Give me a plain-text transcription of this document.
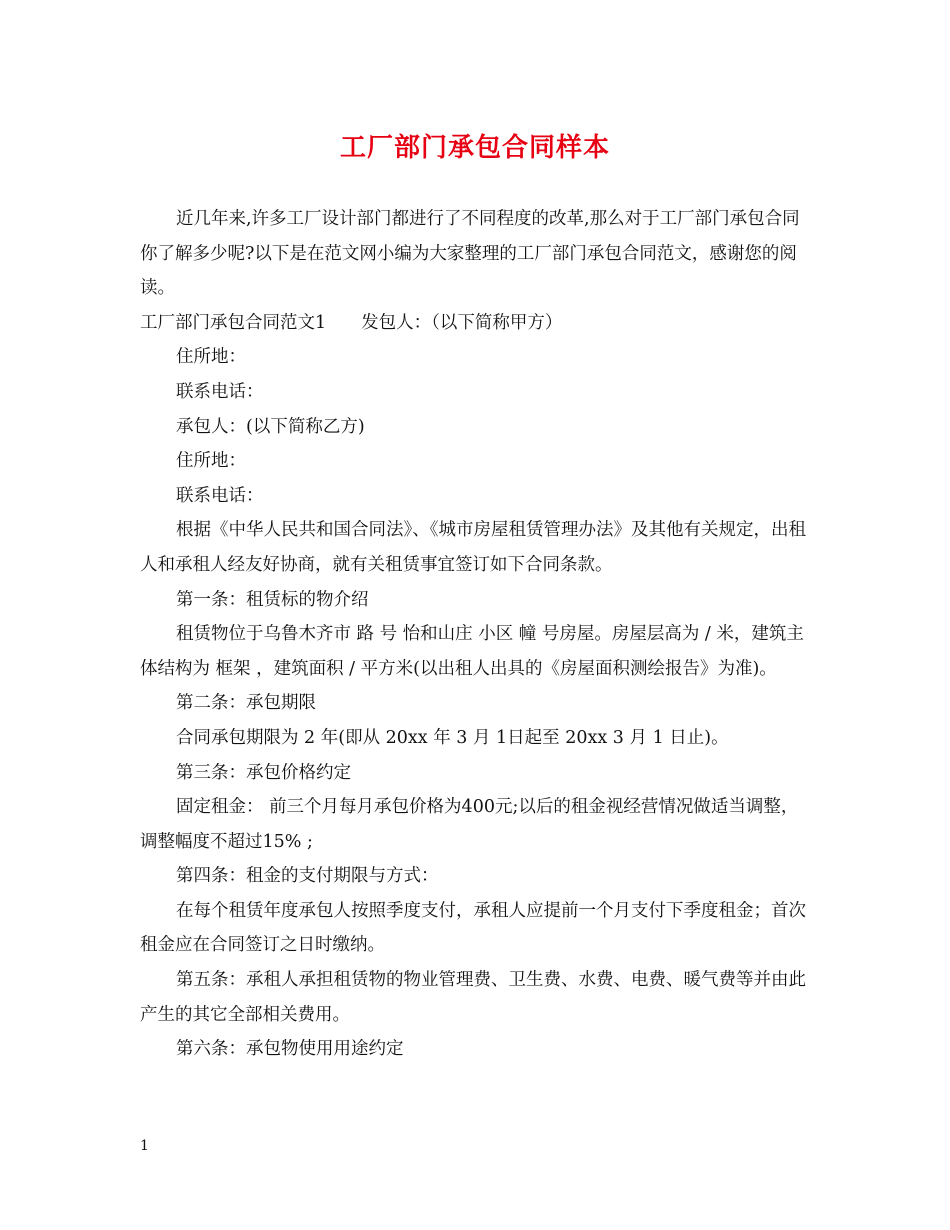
工厂部门承包合同样本

近几年来,许多工厂设计部门都进行了不同程度的改革,那么对于工厂部门承包合同你了解多少呢?以下是在范文网小编为大家整理的工厂部门承包合同范文，感谢您的阅读。

工厂部门承包合同范文1　　发包人：（以下简称甲方）

住所地：

联系电话：

承包人：(以下简称乙方)

住所地：

联系电话：

根据《中华人民共和国合同法》、《城市房屋租赁管理办法》及其他有关规定，出租人和承租人经友好协商，就有关租赁事宜签订如下合同条款。

第一条：租赁标的物介绍

租赁物位于乌鲁木齐市 路 号 怡和山庄 小区 幢 号房屋。房屋层高为 / 米，建筑主体结构为 框架 ，建筑面积 / 平方米(以出租人出具的《房屋面积测绘报告》为准)。

第二条：承包期限

合同承包期限为 2 年(即从 20xx 年 3 月 1日起至 20xx 3 月 1 日止)。

第三条：承包价格约定

固定租金： 前三个月每月承包价格为400元;以后的租金视经营情况做适当调整，调整幅度不超过15% ;

第四条：租金的支付期限与方式：

在每个租赁年度承包人按照季度支付，承租人应提前一个月支付下季度租金；首次租金应在合同签订之日时缴纳。

第五条：承租人承担租赁物的物业管理费、卫生费、水费、电费、暖气费等并由此产生的其它全部相关费用。

第六条：承包物使用用途约定

1
